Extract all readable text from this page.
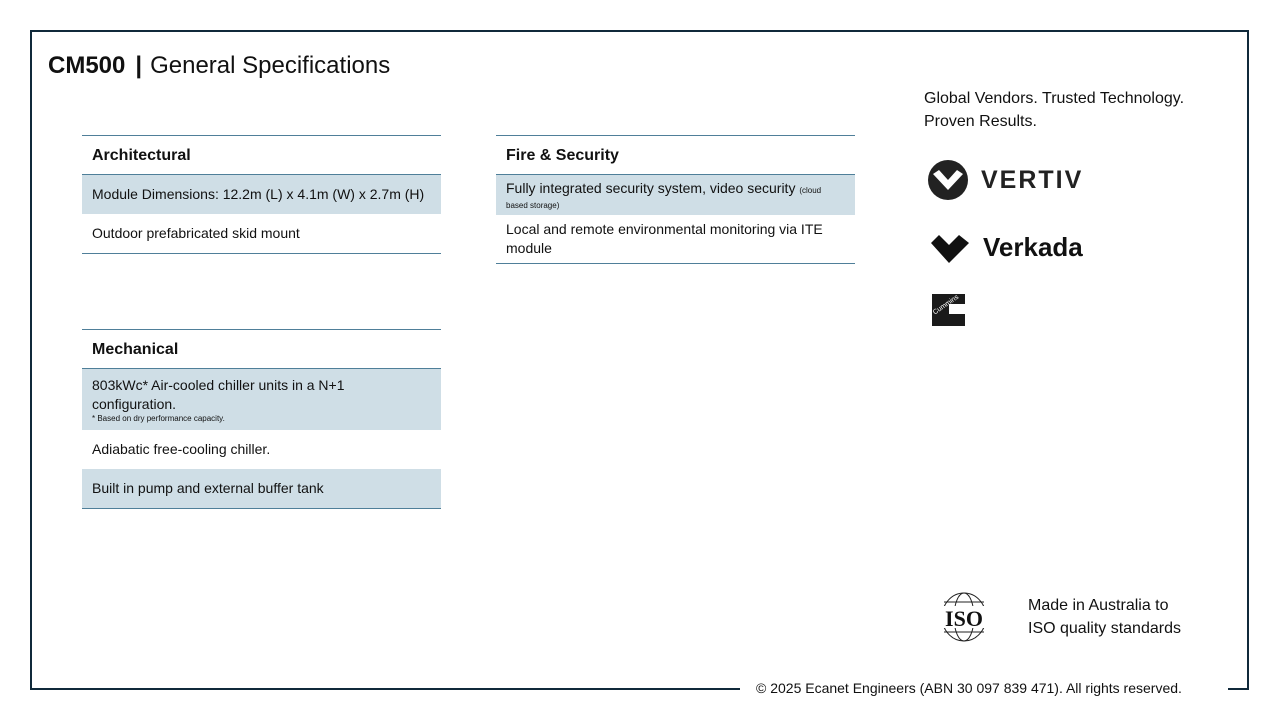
CM500 | General Specifications
Architectural
Module Dimensions: 12.2m (L) x 4.1m (W) x 2.7m (H)
Outdoor prefabricated skid mount
Fire & Security
Fully integrated security system, video security (cloud based storage)
Local and remote environmental monitoring via ITE module
Mechanical
803kWc* Air-cooled chiller units in a N+1 configuration.
* Based on dry performance capacity.
Adiabatic free-cooling chiller.
Built in pump and external buffer tank
Global Vendors. Trusted Technology.
Proven Results.
VERTIV
Verkada
Cummins
ISO
Made in Australia to
ISO quality standards
© 2025 Ecanet Engineers (ABN 30 097 839 471). All rights reserved.
